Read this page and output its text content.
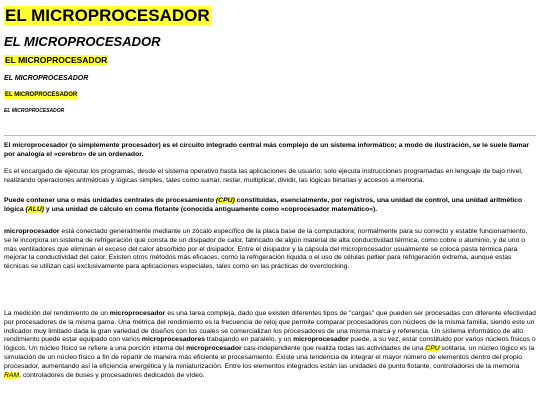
EL MICROPROCESADOR
EL MICROPROCESADOR
EL MICROPROCESADOR
EL MICROPROCESADOR
EL MICROPROCESADOR
EL MICROPROCESADOR

El microprocesador (o simplemente procesador) es el circuito integrado central más complejo de un sistema informático; a modo de ilustración, se le suele llamar por analogía el «cerebro» de un ordenador.

Es el encargado de ejecutar los programas, desde el sistema operativo hasta las aplicaciones de usuario; solo ejecuta instrucciones programadas en lenguaje de bajo nivel, realizando operaciones aritméticas y lógicas simples, tales como sumar, restar, multiplicar, dividir, las lógicas binarias y accesos a memoria.

Puede contener una o más unidades centrales de procesamiento (CPU) constituidas, esencialmente, por registros, una unidad de control, una unidad aritmético lógica (ALU) y una unidad de cálculo en coma flotante (conocida antiguamente como «coprocesador matemático»).

microprocesador está conectado generalmente mediante un zócalo específico de la placa base de la computadora; normalmente para su correcto y estable funcionamiento, se le incorpora un sistema de refrigeración que consta de un disipador de calor, fabricado de algún material de alta conductividad térmica, como cobre o aluminio, y de uno o más ventiladores que eliminan el exceso del calor absorbido por el disipador. Entre el disipador y la cápsula del microprocesador usualmente se coloca pasta térmica para mejorar la conductividad del calor. Existen otros métodos más eficaces, como la refrigeración líquida o el uso de células peltier para refrigeración extrema, aunque estas técnicas se utilizan casi exclusivamente para aplicaciones especiales, tales como en las prácticas de overclocking.

La medición del rendimiento de un microprocesador es una tarea compleja, dado que existen diferentes tipos de "cargas" que pueden ser procesadas con diferente efectividad por procesadores de la misma gama. Una métrica del rendimiento es la frecuencia de reloj que permite comparar procesadores con núcleos de la misma familia, siendo este un indicador muy limitado dada la gran variedad de diseños con los cuales se comercializan los procesadores de una misma marca y referencia. Un sistema informático de alto rendimiento puede estar equipado con varios microprocesadores trabajando en paralelo, y un microprocesador puede, a su vez, estar constituido por varios núcleos físicos o lógicos. Un núcleo físico se refiere a una porción interna del microprocesador casi-independiente que realiza todas las actividades de una CPU solitaria, un núcleo lógico es la simulación de un núcleo físico a fin de repartir de manera más eficiente el procesamiento. Existe una tendencia de integrar el mayor número de elementos dentro del propio procesador, aumentando así la eficiencia energética y la miniaturización. Entre los elementos integrados están las unidades de punto flotante, controladores de la memoria RAM, controladores de buses y procesadores dedicados de vídeo.
